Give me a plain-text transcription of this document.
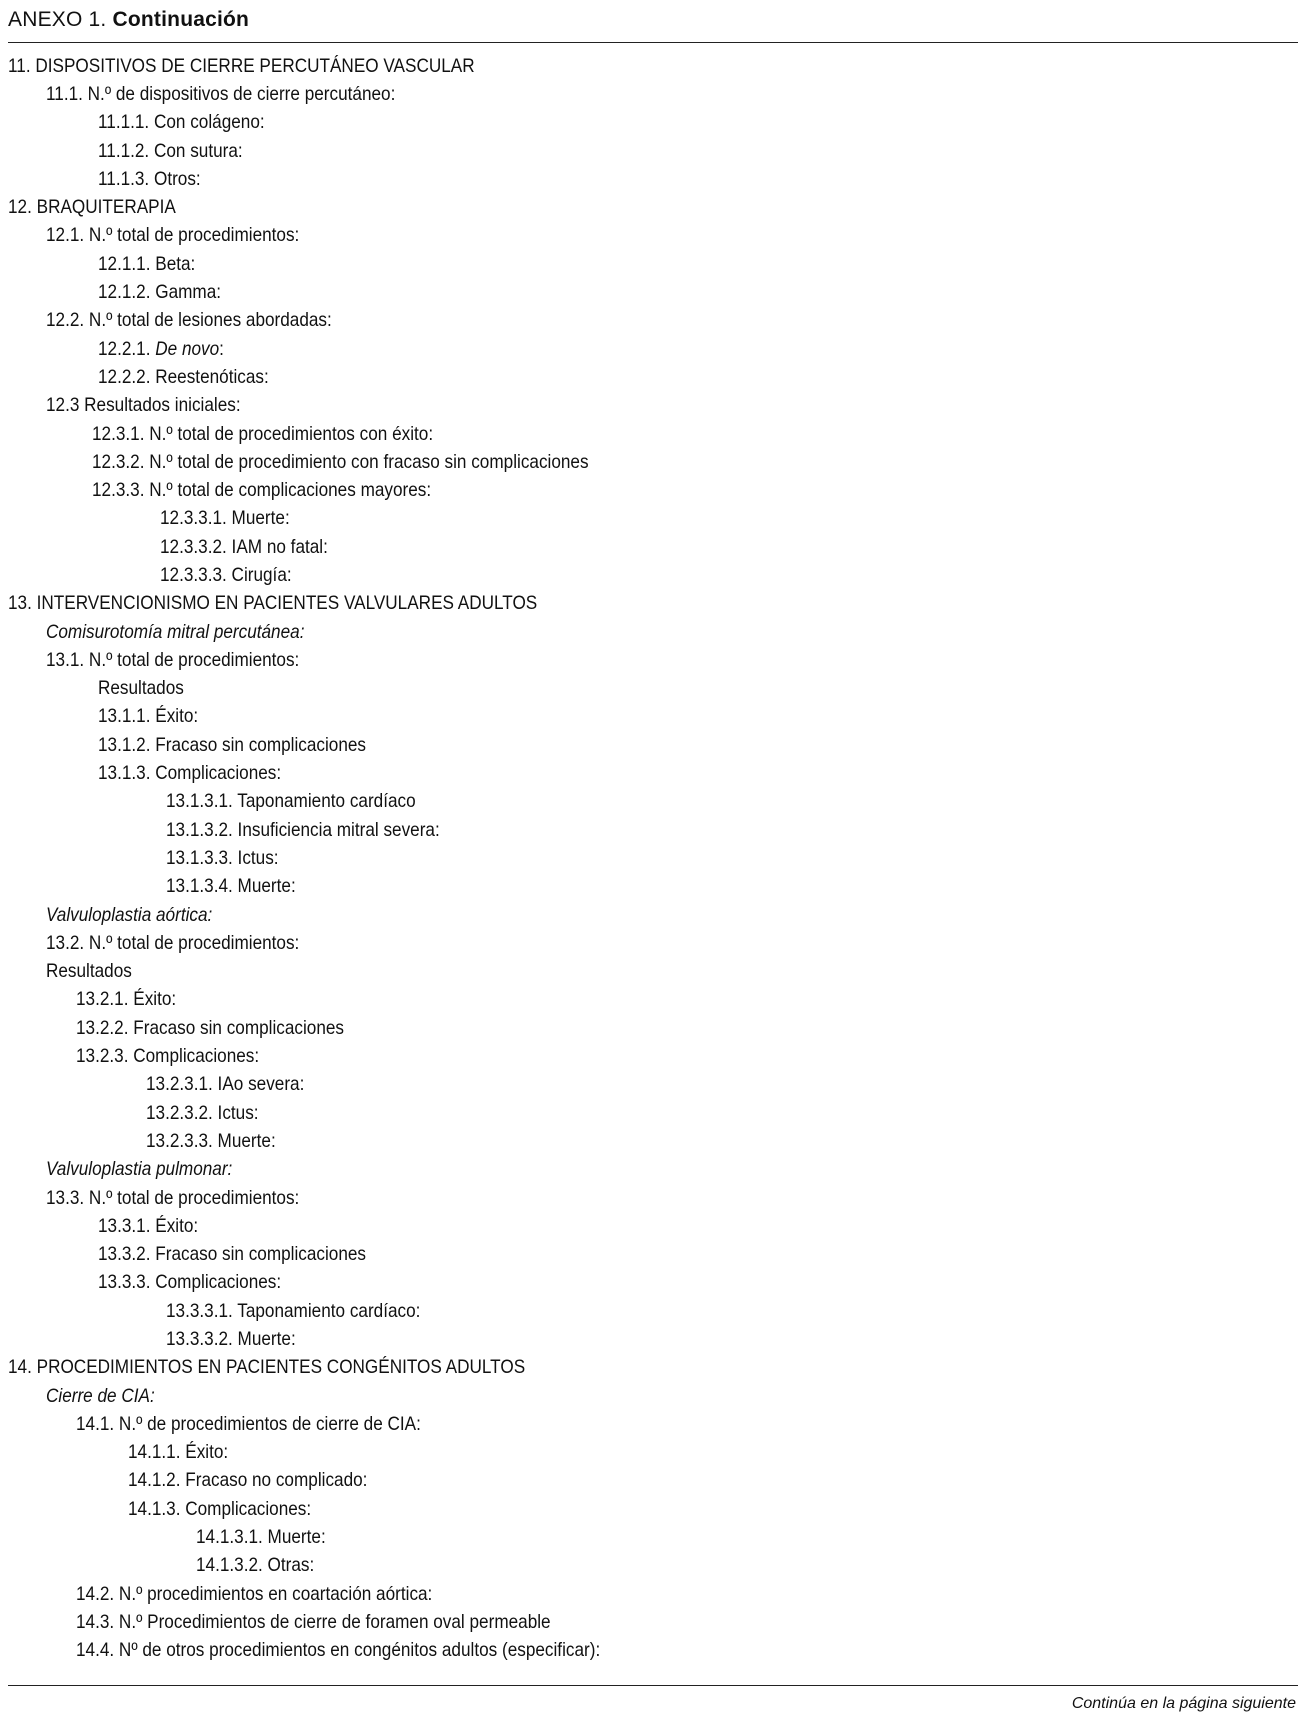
ANEXO 1. Continuación
11. DISPOSITIVOS DE CIERRE PERCUTÁNEO VASCULAR
11.1. N.º de dispositivos de cierre percutáneo:
11.1.1. Con colágeno:
11.1.2. Con sutura:
11.1.3. Otros:
12. BRAQUITERAPIA
12.1. N.º total de procedimientos:
12.1.1. Beta:
12.1.2. Gamma:
12.2. N.º total de lesiones abordadas:
12.2.1. De novo:
12.2.2. Reestenóticas:
12.3 Resultados iniciales:
12.3.1. N.º total de procedimientos con éxito:
12.3.2. N.º total de procedimiento con fracaso sin complicaciones
12.3.3. N.º total de complicaciones mayores:
12.3.3.1. Muerte:
12.3.3.2. IAM no fatal:
12.3.3.3. Cirugía:
13. INTERVENCIONISMO EN PACIENTES VALVULARES ADULTOS
Comisurotomía mitral percutánea:
13.1. N.º total de procedimientos:
Resultados
13.1.1. Éxito:
13.1.2. Fracaso sin complicaciones
13.1.3. Complicaciones:
13.1.3.1. Taponamiento cardíaco
13.1.3.2. Insuficiencia mitral severa:
13.1.3.3. Ictus:
13.1.3.4. Muerte:
Valvuloplastia aórtica:
13.2. N.º total de procedimientos:
Resultados
13.2.1. Éxito:
13.2.2. Fracaso sin complicaciones
13.2.3. Complicaciones:
13.2.3.1. IAo severa:
13.2.3.2. Ictus:
13.2.3.3. Muerte:
Valvuloplastia pulmonar:
13.3. N.º total de procedimientos:
13.3.1. Éxito:
13.3.2. Fracaso sin complicaciones
13.3.3. Complicaciones:
13.3.3.1. Taponamiento cardíaco:
13.3.3.2. Muerte:
14. PROCEDIMIENTOS EN PACIENTES CONGÉNITOS ADULTOS
Cierre de CIA:
14.1. N.º de procedimientos de cierre de CIA:
14.1.1. Éxito:
14.1.2. Fracaso no complicado:
14.1.3. Complicaciones:
14.1.3.1. Muerte:
14.1.3.2. Otras:
14.2. N.º procedimientos en coartación aórtica:
14.3. N.º Procedimientos de cierre de foramen oval permeable
14.4. Nº de otros procedimientos en congénitos adultos (especificar):
Continúa en la página siguiente
